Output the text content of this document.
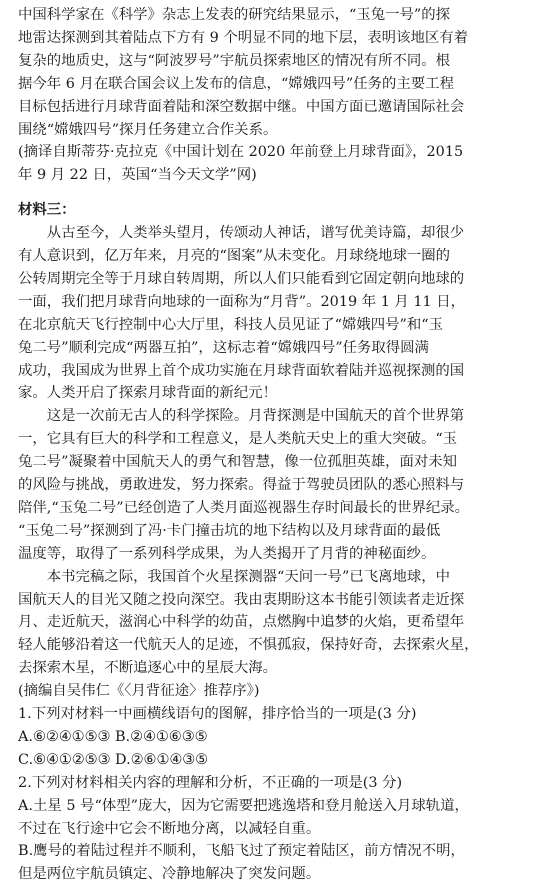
中国科学家在《科学》杂志上发表的研究结果显示，“玉兔一号”的探
地雷达探测到其着陆点下方有 9 个明显不同的地下层，表明该地区有着
复杂的地质史，这与“阿波罗号”宇航员探索地区的情况有所不同。根
据今年 6 月在联合国会议上发布的信息，“嫦娥四号”任务的主要工程
目标包括进行月球背面着陆和深空数据中继。中国方面已邀请国际社会
围绕“嫦娥四号”探月任务建立合作关系。
(摘译自斯蒂芬·克拉克《中国计划在 2020 年前登上月球背面》，2015
年 9 月 22 日，英国“当今天文学”网)
材料三：
　　从古至今，人类举头望月，传颂动人神话，谱写优美诗篇，却很少
有人意识到，亿万年来，月亮的“图案”从未变化。月球绕地球一圈的
公转周期完全等于月球自转周期，所以人们只能看到它固定朝向地球的
一面，我们把月球背向地球的一面称为“月背”。2019 年 1 月 11 日，
在北京航天飞行控制中心大厅里，科技人员见证了“嫦娥四号”和“玉
兔二号”顺利完成“两器互拍”，这标志着“嫦娥四号”任务取得圆满
成功，我国成为世界上首个成功实施在月球背面软着陆并巡视探测的国
家。人类开启了探索月球背面的新纪元！
　　这是一次前无古人的科学探险。月背探测是中国航天的首个世界第
一，它具有巨大的科学和工程意义，是人类航天史上的重大突破。“玉
兔二号”凝聚着中国航天人的勇气和智慧，像一位孤胆英雄，面对未知
的风险与挑战，勇敢进发，努力探索。得益于驾驶员团队的悉心照料与
陪伴,“玉兔二号”已经创造了人类月面巡视器生存时间最长的世界纪录。
“玉兔二号”探测到了冯·卡门撞击坑的地下结构以及月球背面的最低
温度等，取得了一系列科学成果，为人类揭开了月背的神秘面纱。
　　本书完稿之际，我国首个火星探测器“天问一号”已飞离地球，中
国航天人的目光又随之投向深空。我由衷期盼这本书能引领读者走近探
月、走近航天，滋润心中科学的幼苗，点燃胸中追梦的火焰，更希望年
轻人能够沿着这一代航天人的足迹，不惧孤寂，保持好奇，去探索火星，
去探索木星，不断追逐心中的星辰大海。
(摘编自吴伟仁《〈月背征途〉推荐序》)
1.下列对材料一中画横线语句的图解，排序恰当的一项是(3 分)
A.⑥②④①⑤③ B.②④①⑥③⑤
C.⑥④①②⑤③ D.②⑥①④③⑤
2.下列对材料相关内容的理解和分析，不正确的一项是(3 分)
A.土星 5 号“体型”庞大，因为它需要把逃逸塔和登月舱送入月球轨道，
不过在飞行途中它会不断地分离，以减轻自重。
B.鹰号的着陆过程并不顺利，飞船飞过了预定着陆区，前方情况不明，
但是两位宇航员镇定、冷静地解决了突发问题。
